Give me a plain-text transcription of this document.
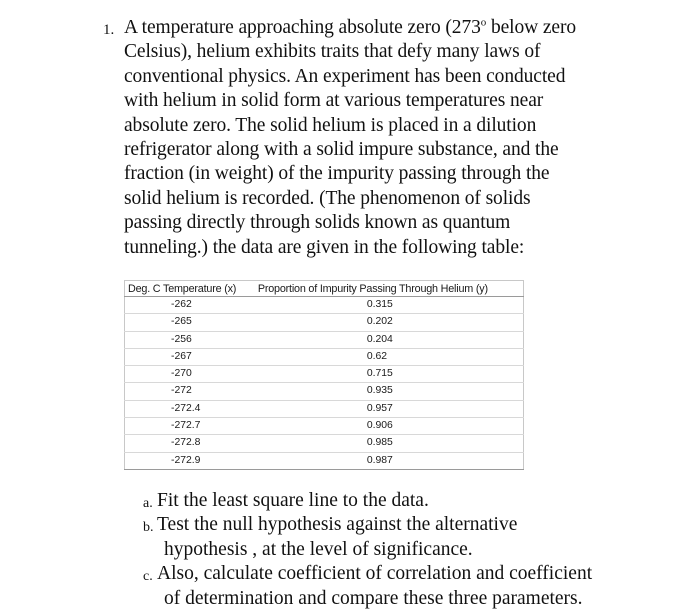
1. A temperature approaching absolute zero (273$^o$ below zero
Celsius), helium exhibits traits that defy many laws of
conventional physics. An experiment has been conducted
with helium in solid form at various temperatures near
absolute zero. The solid helium is placed in a dilution
refrigerator along with a solid impure substance, and the
fraction (in weight) of the impurity passing through the
solid helium is recorded. (The phenomenon of solids
passing directly through solids known as quantum
tunneling.) the data are given in the following table:

Deg. C Temperature (x)	Proportion of Impurity Passing Through Helium (y)
-262	0.315
-265	0.202
-256	0.204
-267	0.62
-270	0.715
-272	0.935
-272.4	0.957
-272.7	0.906
-272.8	0.985
-272.9	0.987
a. Fit the least square line to the data.
b. Test the null hypothesis against the alternative
hypothesis , at the level of significance.
c. Also, calculate coefficient of correlation and coefficient
of determination and compare these three parameters.
